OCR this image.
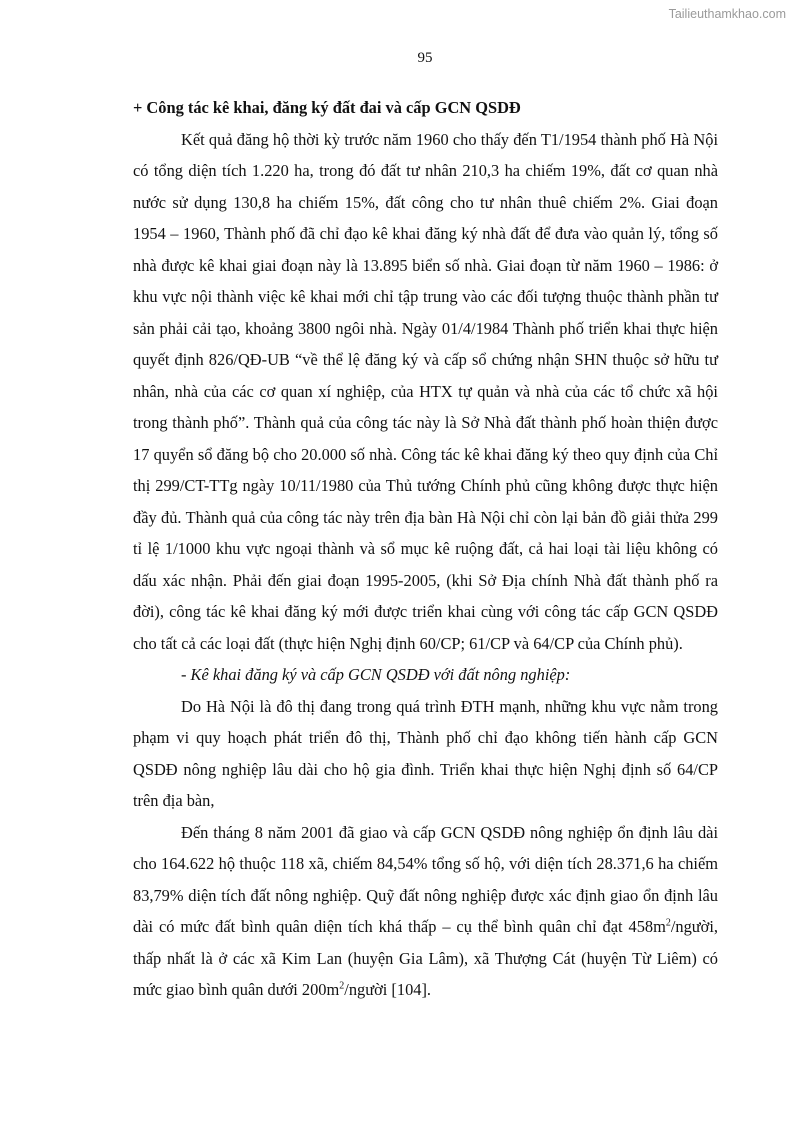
Tailieuthamkhao.com
95

+ Công tác kê khai, đăng ký đất đai và cấp GCN QSDĐ

Kết quả đăng hộ thời kỳ trước năm 1960 cho thấy đến T1/1954 thành phố Hà Nội có tổng diện tích 1.220 ha, trong đó đất tư nhân 210,3 ha chiếm 19%, đất cơ quan nhà nước sử dụng 130,8 ha chiếm 15%, đất công cho tư nhân thuê chiếm 2%. Giai đoạn 1954 – 1960, Thành phố đã chỉ đạo kê khai đăng ký nhà đất để đưa vào quản lý, tổng số nhà được kê khai giai đoạn này là 13.895 biển số nhà. Giai đoạn từ năm 1960 – 1986: ở khu vực nội thành việc kê khai mới chỉ tập trung vào các đối tượng thuộc thành phần tư sản phải cải tạo, khoảng 3800 ngôi nhà. Ngày 01/4/1984 Thành phố triển khai thực hiện quyết định 826/QĐ-UB “về thể lệ đăng ký và cấp sổ chứng nhận SHN thuộc sở hữu tư nhân, nhà của các cơ quan xí nghiệp, của HTX tự quản và nhà của các tổ chức xã hội trong thành phố”. Thành quả của công tác này là Sở Nhà đất thành phố hoàn thiện được 17 quyển sổ đăng bộ cho 20.000 số nhà. Công tác kê khai đăng ký theo quy định của Chỉ thị 299/CT-TTg ngày 10/11/1980 của Thủ tướng Chính phủ cũng không được thực hiện đầy đủ. Thành quả của công tác này trên địa bàn Hà Nội chỉ còn lại bản đồ giải thửa 299 tỉ lệ 1/1000 khu vực ngoại thành và sổ mục kê ruộng đất, cả hai loại tài liệu không có dấu xác nhận. Phải đến giai đoạn 1995-2005, (khi Sở Địa chính Nhà đất thành phố ra đời), công tác kê khai đăng ký mới được triển khai cùng với công tác cấp GCN QSDĐ cho tất cả các loại đất (thực hiện Nghị định 60/CP; 61/CP và 64/CP của Chính phủ).

- Kê khai đăng ký và cấp GCN QSDĐ với đất nông nghiệp:

Do Hà Nội là đô thị đang trong quá trình ĐTH mạnh, những khu vực nằm trong phạm vi quy hoạch phát triển đô thị, Thành phố chỉ đạo không tiến hành cấp GCN QSDĐ nông nghiệp lâu dài cho hộ gia đình. Triển khai thực hiện Nghị định số 64/CP trên địa bàn,

Đến tháng 8 năm 2001 đã giao và cấp GCN QSDĐ nông nghiệp ổn định lâu dài cho 164.622 hộ thuộc 118 xã, chiếm 84,54% tổng số hộ, với diện tích 28.371,6 ha chiếm 83,79% diện tích đất nông nghiệp. Quỹ đất nông nghiệp được xác định giao ổn định lâu dài có mức đất bình quân diện tích khá thấp – cụ thể bình quân chỉ đạt $458m^2$/người, thấp nhất là ở các xã Kim Lan (huyện Gia Lâm), xã Thượng Cát (huyện Từ Liêm) có mức giao bình quân dưới $200m^2$/người [104].
